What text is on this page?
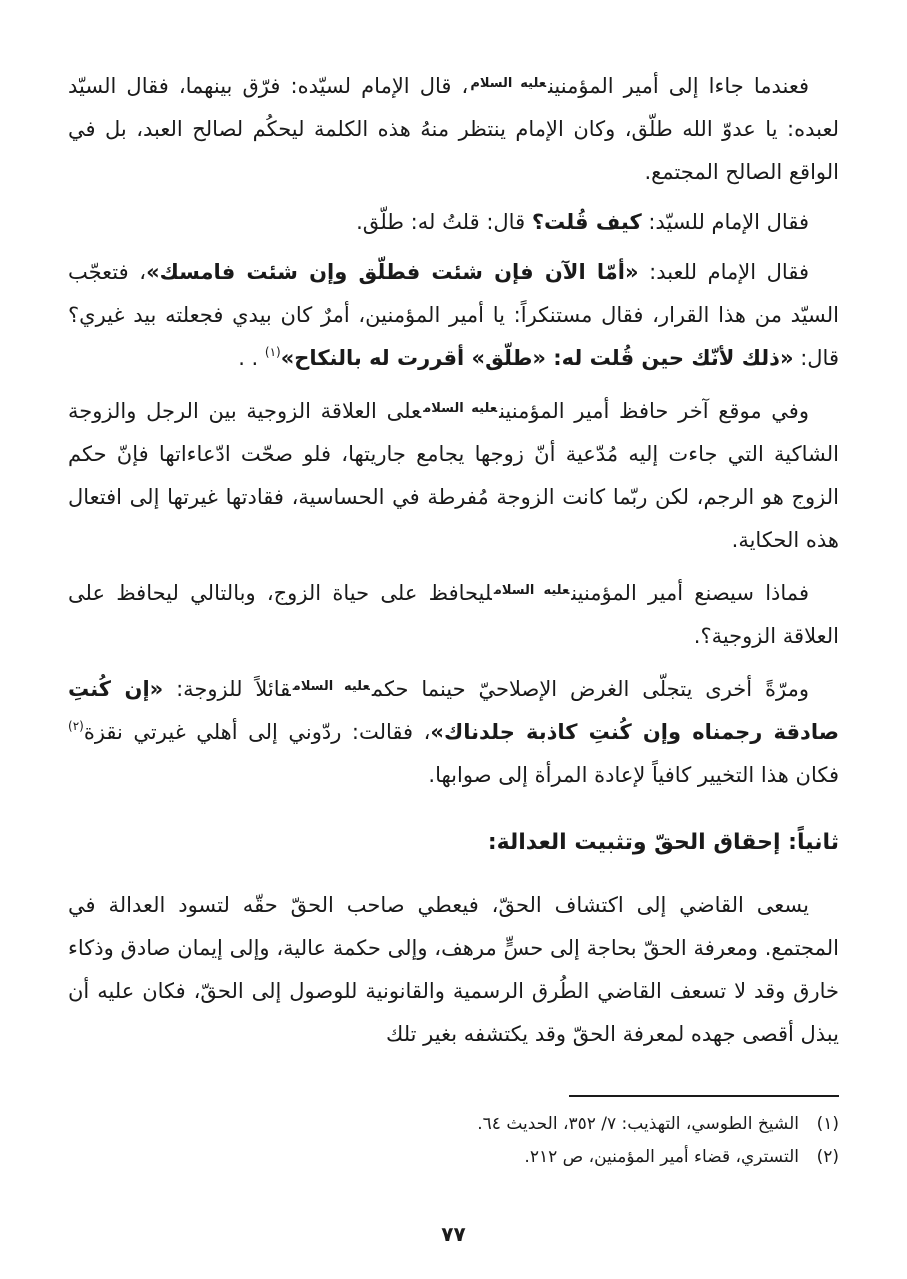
فعندما جاءا إلى أمير المؤمنين$^{عليه السلام}$، قال الإمام لسيّده: فرّق بينهما، فقال السيّد لعبده: يا عدوّ الله طلّق، وكان الإمام ينتظر منهُ هذه الكلمة ليحكُم لصالح العبد، بل في الواقع الصالح المجتمع.

فقال الإمام للسيّد: كيف قُلت؟ قال: قلتُ له: طلّق.

فقال الإمام للعبد: «أمّا الآن فإن شئت فطلّق وإن شئت فامسك»، فتعجّب السيّد من هذا القرار، فقال مستنكراً: يا أمير المؤمنين، أمرٌ كان بيدي فجعلته بيد غيري؟ قال: «ذلك لأنّك حين قُلت له: «طلّق» أقررت له بالنكاح»$^{(١)}$ . .

وفي موقع آخر حافظ أمير المؤمنين$^{عليه السلام}$على العلاقة الزوجية بين الرجل والزوجة الشاكية التي جاءت إليه مُدّعية أنّ زوجها يجامع جاريتها، فلو صحّت ادّعاءاتها فإنّ حكم الزوج هو الرجم، لكن ربّما كانت الزوجة مُفرطة في الحساسية، فقادتها غيرتها إلى افتعال هذه الحكاية.

فماذا سيصنع أمير المؤمنين$^{عليه السلام}$ليحافظ على حياة الزوج، وبالتالي ليحافظ على العلاقة الزوجية؟.

ومرّةً أخرى يتجلّى الغرض الإصلاحيّ حينما حكم$^{عليه السلام}$قائلاً للزوجة: «إن كُنتِ صادقة رجمناه وإن كُنتِ كاذبة جلدناك»، فقالت: ردّوني إلى أهلي غيرتي نقزة$^{(٢)}$ فكان هذا التخيير كافياً لإعادة المرأة إلى صوابها.

ثانياً: إحقاق الحقّ وتثبيت العدالة:

يسعى القاضي إلى اكتشاف الحقّ، فيعطي صاحب الحقّ حقّه لتسود العدالة في المجتمع. ومعرفة الحقّ بحاجة إلى حسٍّ مرهف، وإلى حكمة عالية، وإلى إيمان صادق وذكاء خارق وقد لا تسعف القاضي الطُرق الرسمية والقانونية للوصول إلى الحقّ، فكان عليه أن يبذل أقصى جهده لمعرفة الحقّ وقد يكتشفه بغير تلك

(١)
الشيخ الطوسي، التهذيب: ٧/ ٣٥٢، الحديث ٦٤.
(٢)
التستري، قضاء أمير المؤمنين، ص ٢١٢.
٧٧
